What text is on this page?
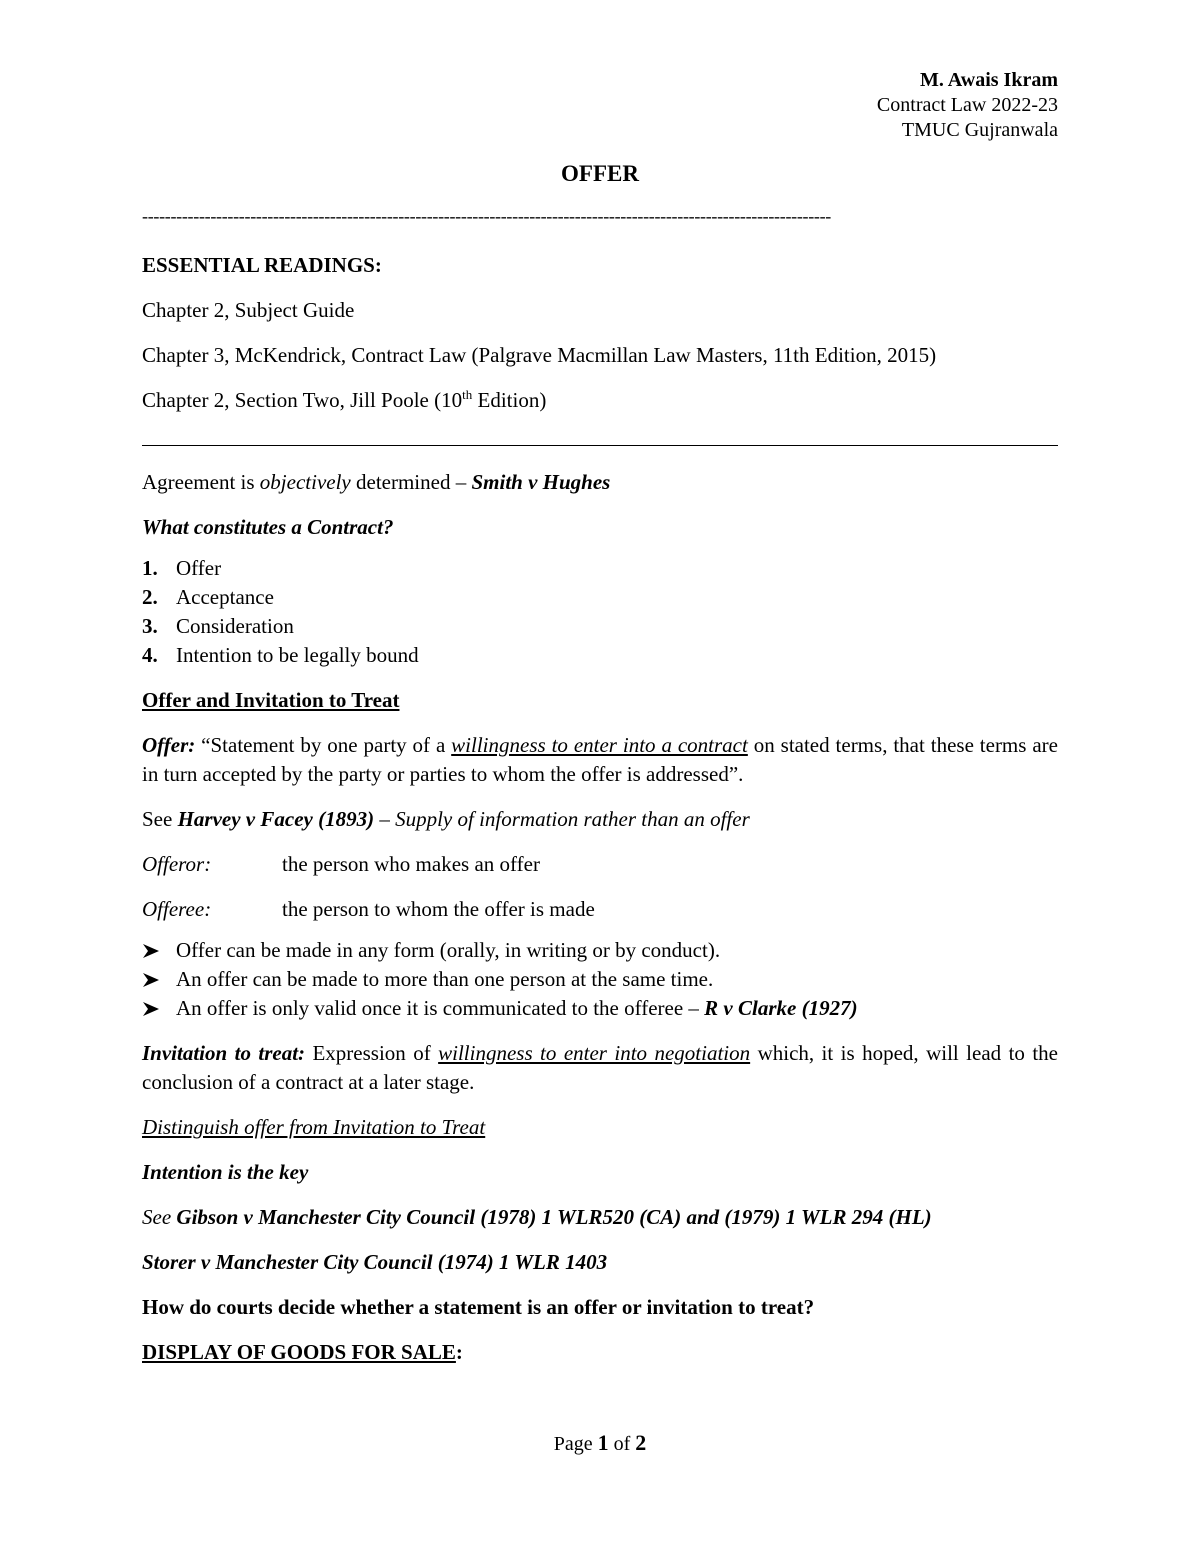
M. Awais Ikram
Contract Law 2022-23
TMUC Gujranwala
OFFER
-------------------------------------------------------------------------------------------------------------------------

ESSENTIAL READINGS:

Chapter 2, Subject Guide

Chapter 3, McKendrick, Contract Law (Palgrave Macmillan Law Masters, 11th Edition, 2015)

Chapter 2, Section Two, Jill Poole (10th Edition)

Agreement is objectively determined – Smith v Hughes

What constitutes a Contract?

1. Offer
2. Acceptance
3. Consideration
4. Intention to be legally bound

Offer and Invitation to Treat

Offer: “Statement by one party of a willingness to enter into a contract on stated terms, that these terms are in turn accepted by the party or parties to whom the offer is addressed”.

See Harvey v Facey (1893) – Supply of information rather than an offer

Offeror:	the person who makes an offer
Offeree:	the person to whom the offer is made
Offer can be made in any form (orally, in writing or by conduct).
An offer can be made to more than one person at the same time.
An offer is only valid once it is communicated to the offeree – R v Clarke (1927)

Invitation to treat: Expression of willingness to enter into negotiation which, it is hoped, will lead to the conclusion of a contract at a later stage.

Distinguish offer from Invitation to Treat

Intention is the key

See Gibson v Manchester City Council (1978) 1 WLR520 (CA) and (1979) 1 WLR 294 (HL)

Storer v Manchester City Council (1974) 1 WLR 1403

How do courts decide whether a statement is an offer or invitation to treat?

DISPLAY OF GOODS FOR SALE:

Page 1 of 2
